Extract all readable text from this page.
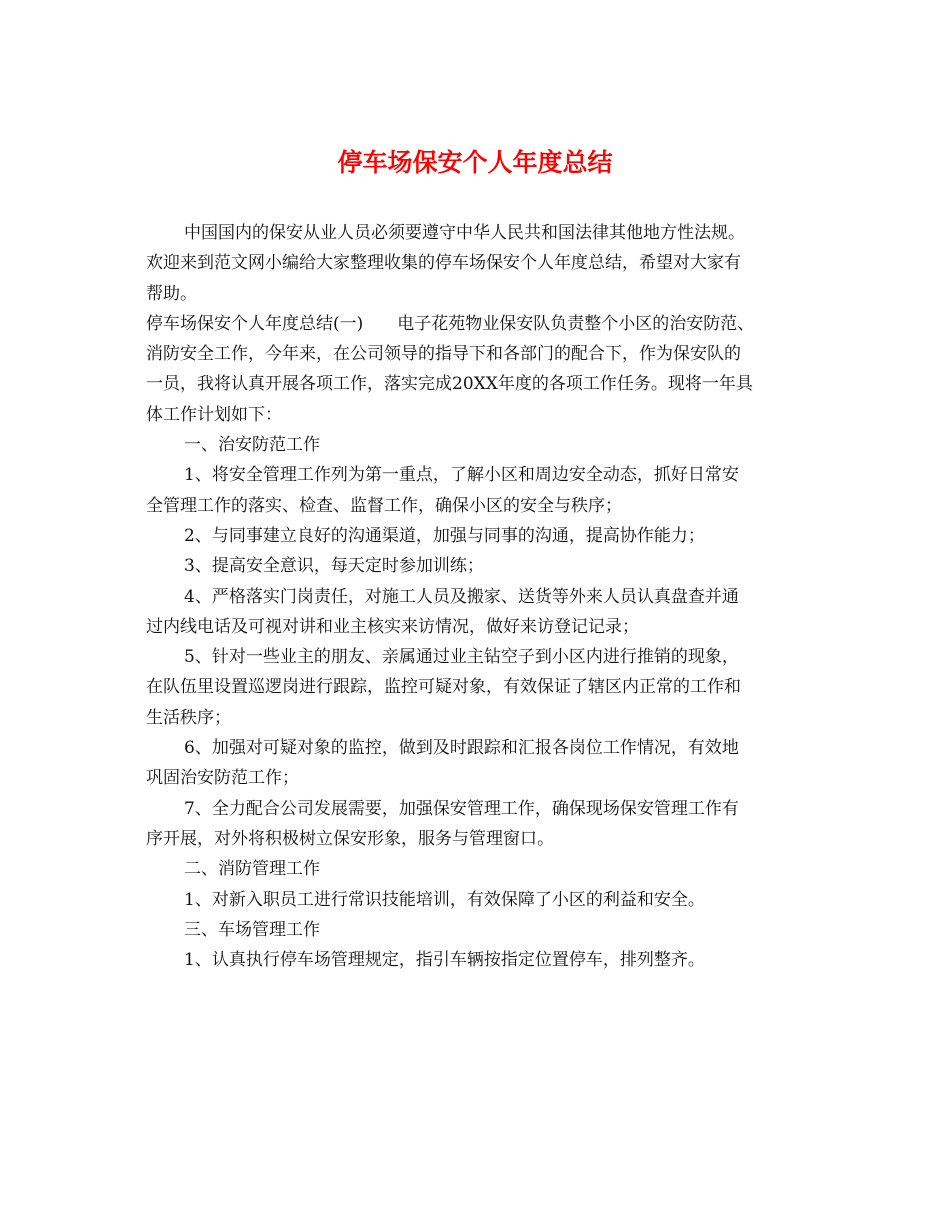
停车场保安个人年度总结
中国国内的保安从业人员必须要遵守中华人民共和国法律其他地方性法规。
欢迎来到范文网小编给大家整理收集的停车场保安个人年度总结，希望对大家有
帮助。
停车场保安个人年度总结(一)　　电子花苑物业保安队负责整个小区的治安防范、
消防安全工作，今年来，在公司领导的指导下和各部门的配合下，作为保安队的
一员，我将认真开展各项工作，落实完成20XX年度的各项工作任务。现将一年具
体工作计划如下：
一、治安防范工作
1、将安全管理工作列为第一重点，了解小区和周边安全动态，抓好日常安
全管理工作的落实、检查、监督工作，确保小区的安全与秩序；
2、与同事建立良好的沟通渠道，加强与同事的沟通，提高协作能力；
3、提高安全意识，每天定时参加训练；
4、严格落实门岗责任，对施工人员及搬家、送货等外来人员认真盘查并通
过内线电话及可视对讲和业主核实来访情况，做好来访登记记录；
5、针对一些业主的朋友、亲属通过业主钻空子到小区内进行推销的现象，
在队伍里设置巡逻岗进行跟踪，监控可疑对象，有效保证了辖区内正常的工作和
生活秩序；
6、加强对可疑对象的监控，做到及时跟踪和汇报各岗位工作情况，有效地
巩固治安防范工作；
7、全力配合公司发展需要，加强保安管理工作，确保现场保安管理工作有
序开展，对外将积极树立保安形象，服务与管理窗口。
二、消防管理工作
1、对新入职员工进行常识技能培训，有效保障了小区的利益和安全。
三、车场管理工作
1、认真执行停车场管理规定，指引车辆按指定位置停车，排列整齐。
